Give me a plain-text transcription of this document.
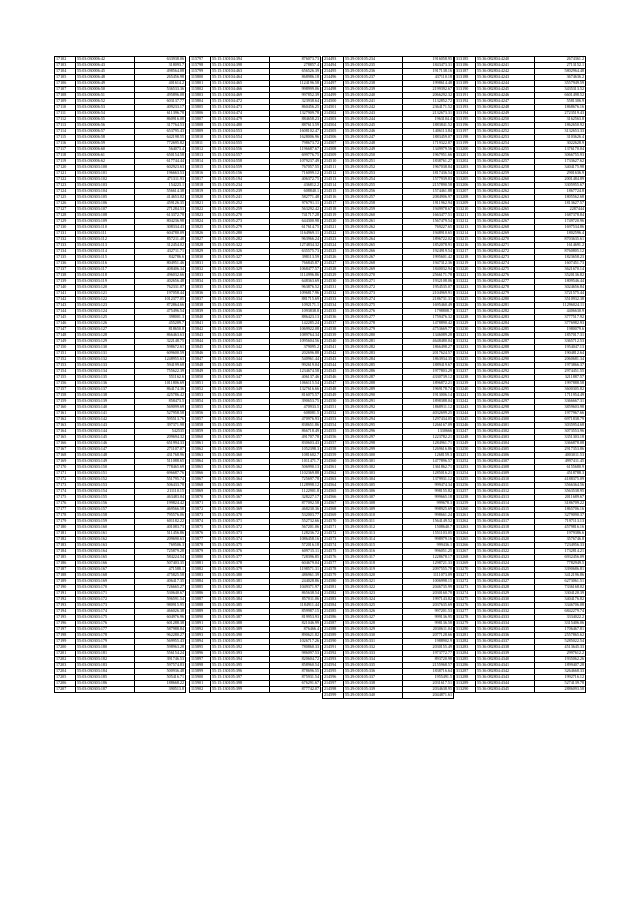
17102	55:03:030006:42	633938.06
17103	55:03:030006:43	318093.7
17104	55:03:030006:45	498564.08
17105	55:03:030006:48	265456.98
17106	55:03:030006:49	401614.2
17107	55:03:030006:50	536533.36
17108	55:03:030006:51	495896.08
17109	55:03:030006:52	603137.77
17110	55:03:030006:53	409233.17
17111	55:03:030006:54	611396.78
17112	55:03:030006:55	860916.08
17113	55:03:030006:56	317764.53
17114	55:03:030006:57	653795.43
17115	55:03:030006:58	642198.55
17116	55:03:030006:59	772695.82
17117	55:03:030006:60	564073.4
17118	55:03:030006:61	650154.58
17119	55:03:030006:62	617744.44
17120	55:03:030303:100	602923.63
17121	55:03:030303:101	196663.53
17122	55:03:030303:102	471311.93
17123	55:03:030303:103	154223.1
17124	55:03:030303:104	556614.38
17125	55:03:030303:105	414653.02
17126	55:03:030303:106	459126.35
17127	55:03:030303:107	271284.53
17128	55:03:030303:108	613372.78
17129	55:03:030303:109	804236.98
17130	55:03:030303:110	308334.43
17131	55:03:030303:111	604780.09
17132	55:03:030303:112	857211.48
17133	55:03:030303:113	312454.02
17134	55:03:030303:114	432711.71
17135	55:03:030303:115	842786.6
17136	55:03:030303:116	804951.46
17137	55:03:030303:117	408406.34
17138	55:03:030303:118	496032.66
17139	55:03:030303:119	402656.48
17140	55:03:030303:120	762331.07
17141	55:03:030303:121	197058.44
17142	55:03:030303:122	1012377.05
17143	55:03:030303:123	872864.66
17144	55:03:030303:124	475496.54
17145	55:03:030303:125	398001.3
17146	55:03:030303:126	455209.7
17147	55:03:030303:127	818650.8
17148	55:03:030303:128	866463.63
17149	55:03:030303:129	322148.75
17150	55:03:030303:130	598672.61
17151	55:03:030303:131	609600.59
17152	55:03:030303:132	1248955.63
17153	55:03:030303:133	594199.68
17154	55:03:030303:134	755622.39
17155	55:03:030303:135	551162.6
17156	55:03:030303:136	1011806.69
17157	55:03:030303:137	864174.36
17158	55:03:030303:138	425786.42
17159	55:03:030303:139	858473.5
17160	55:03:030303:140	569099.69
17161	55:03:030303:141	527958.58
17162	55:03:030303:142	595513.76
17163	55:03:030303:143	397371.98
17164	55:03:030303:144	542535
17165	55:03:030303:145	209694.32
17166	55:03:030303:146	651994.33
17167	55:03:030303:147	271107.07
17168	55:03:030303:148	431768.96
17169	55:03:030303:149	511088.65
17170	55:03:030303:150	778465.69
17171	55:03:030303:151	696687.76
17172	55:03:030303:152	551795.74
17173	55:03:030303:153	506433.78
17174	55:03:030303:154	211110.15
17175	55:03:030303:155	463483.04
17176	55:03:030303:156	199824.42
17177	55:03:030303:157	469566.58
17178	55:03:030303:158	795576.06
17179	55:03:030303:159	601182.22
17180	55:03:030303:160	401083.73
17181	55:03:030303:161	511456.86
17182	55:03:030303:162	209690.63
17183	55:03:030303:163	769506.3
17184	55:03:030303:164	725879.28
17185	55:03:030303:165	584224.54
17186	55:03:030303:166	507403.35
17187	55:03:030303:167	471588.1
17188	55:03:030303:168	475825.58
17189	55:03:030303:169	406417.35
17190	55:03:030303:170	726665.27
17191	55:03:030303:171	530640.67
17192	55:03:030303:172	596591.54
17193	55:03:030303:173	980915.95
17194	55:03:030303:174	466026.38
17195	55:03:030303:175	604976.96
17196	55:03:030303:176	601288.38
17197	55:03:030303:177	587988.84
17198	55:03:030303:178	962280.27
17199	55:03:030303:179	569955.43
17200	55:03:030303:180	598963.28
17201	55:03:030303:181	556154.24
17202	55:03:030303:182	391746.53
17203	55:03:030303:183	597574.83
17204	55:03:030303:184	500936.48
17205	55:03:030303:185	505416.71
17206	55:03:030303:186	188668.22
17207	55:03:030303:187	390513.8
115797	55:15:130104:394	876073.73
115798	55:15:130104:398	278857.4
115799	55:15:130104:463	656526.39
115800	55:15:130104:464	868986.18
115801	55:15:130104:465	1124196.58
115802	55:15:130104:466	998999.06
115803	55:15:130104:469	997852.39
115804	55:15:130104:472	323938.64
115805	55:15:130104:473	860456.25
115806	55:15:130104:474	1327909.78
115807	55:15:130104:479	884658.23
115808	55:15:130104:480	887613.59
115809	55:15:130104:553	1608102.47
115810	55:15:130104:554	1628006.96
115811	55:15:130104:555	798673.72
115812	55:15:130104:556	1196687.67
115813	55:15:130104:557	699776.75
115814	55:15:130104:558	1079237.49
115815	55:15:130104:559	767057.55
115816	55:15:130105:156	716099.12
115817	55:15:130105:194	406372.75
115818	55:15:130105:234	436812.2
115819	55:15:130105:239	608840.1
115820	55:15:130105:241	582771.48
115821	55:15:130105:252	976791.11
115822	55:15:130105:259	563292.42
115823	55:15:130105:270	741717.28
115824	55:15:130105:273	644300.98
115825	55:15:130105:279	617614.75
115826	55:15:130105:280	1164969.11
115827	55:15:130105:282	963966.24
115828	55:15:130105:322	1274834.32
115829	55:15:130105:326	635575.73
115830	55:15:130105:327	398113.59
115831	55:15:130105:328	766845.87
115832	55:15:130105:329	1068477.57
115833	55:15:130105:330	1114996.86
115834	55:15:130105:331	648363.69
115835	55:15:130105:332	963876.52
115836	55:15:130105:333	1096817.96
115837	55:15:130105:334	881715.69
115838	55:15:130105:335	1092171.1
115839	55:15:130105:336	1093838.8
115840	55:15:130105:337	886423.13
115841	55:15:130105:338	142285.24
115842	55:15:130105:339	1069922.08
115843	55:15:130105:340	1089764.34
115844	55:15:130105:341	1095604.56
115845	55:15:130105:342	379095.2
115846	55:15:130105:343	202696.88
115847	55:15:130105:344	540961.44
115848	55:15:130105:345	992619.04
115849	55:15:130105:346	1234674.58
115850	55:15:130105:347	406137.46
115851	55:15:130105:348	1066115.54
115852	55:15:130105:349	1327616.66
115853	55:15:130105:350	816075.57
115854	55:15:130105:351	390653.75
115855	55:15:130105:352	470933.5
115856	55:15:130105:353	608081.5
115857	55:15:130105:354	470976.93
115858	55:15:130105:355	838651.86
115859	55:15:130105:356	866718.49
115860	55:15:130105:357	491707.78
115861	55:15:130105:358	830603.43
115862	55:15:130105:359	1052398.3
115863	55:15:130105:360	1081602.7
115864	55:15:130105:361	1011471.7
115865	55:15:130105:362	506990.13
115866	55:15:130105:363	1102369.88
115867	55:15:130105:364	725697.78
115868	55:15:130105:365	1128998.12
115869	55:15:130105:366	1122901.8
115870	55:15:130105:367	328227.17
115871	55:15:130105:368	877092.58
115872	55:15:130105:369	468230.36
115873	55:15:130105:370	532003.77
115874	55:15:130105:371	552732.66
115875	55:15:130105:372	567201.06
115876	55:15:130105:373	128236.72
115877	55:15:130105:374	1086458.16
115878	55:15:130105:375	572016.18
115879	55:15:130105:376	609715.11
115880	55:15:130105:377	728396.85
115881	55:15:130105:378	604679.04
115882	55:15:130105:379	1198571.31
115883	55:15:130105:380	486961.39
115884	55:15:130105:381	244028.86
115885	55:15:130105:382	1049371.97
115886	55:15:130105:383	865638.54
115887	55:15:130105:384	857011.06
115888	55:15:130105:385	1184911.44
115889	55:15:130105:386	859987.15
115890	55:15:130105:387	819953.93
115891	55:15:130105:388	821046.99
115892	55:15:130105:389	876466.4
115893	55:15:130105:390	890621.82
115894	55:15:130105:391	1026717.26
115895	55:15:130105:392	780860.33
115896	55:15:130105:393	986097.53
115897	55:15:130105:394	820604.72
115898	55:15:130105:395	858960.54
115899	55:15:130105:396	878696.55
115900	55:15:130105:397	875931.54
115901	55:15:130105:398	676291.67
115902	55:15:130105:399	877742.07
214493	55:29:010105:234	1916058.95
214494	55:29:010105:235	1843473.31
214495	55:29:010105:236	1917138.16
214496	55:29:010105:237	437110.18
214497	55:29:010105:238	1998614.48
214498	55:29:010105:239	2199392.67
214499	55:29:010105:240	2066292.32
214500	55:29:010105:241	1132852.72
214501	55:29:010105:242	2364171.52
214502	55:29:010105:243	2132673.31
214503	55:29:010105:244	1963104.4
214504	55:29:010105:245	1883841.52
214505	55:29:010105:246	1406113.84
214506	55:29:010105:247	1883459.07
214507	55:29:010105:248	1719322.87
214508	55:29:010105:249	1349979.56
214509	55:29:010105:250	1967951.66
214510	55:29:010105:251	1838761.27
214511	55:29:010105:252	1967038.84
214512	55:29:010105:253	1817436.54
214513	55:29:010105:254	1577939.83
214514	55:29:010105:255	2157890.58
214515	55:29:010105:256	1574461.88
214516	55:29:010105:257	2084906.97
214517	55:29:010105:258	1911962.94
214518	55:29:010105:259	1949978.67
214519	55:29:010105:260	1663477.51
214520	55:29:010105:261	1567479.54
214521	55:29:010105:262	769227.65
214522	55:29:010105:263	1948910.65
214523	55:29:010105:264	1896722.02
214524	55:29:010105:265	1852078.91
214525	55:29:010105:266	1924919.54
214526	55:29:010105:267	1995601.42
214527	55:29:010105:268	1947312.36
214528	55:29:010105:269	1840032.94
214529	55:29:010105:270	2566171.78
214530	55:29:010105:271	1932108.06
214531	55:29:010105:272	1954535.07
214532	55:29:010105:273	2104969.91
214533	55:29:010105:274	2186731.31
214534	55:29:010105:275	1695460.49
214535	55:29:010105:276	1798808.7
214536	55:29:010105:277	1759476.32
214537	55:29:010105:278	1478890.42
214538	55:29:010105:279	4753669.77
214539	55:29:010105:280	1346089.28
214540	55:29:010105:281	4648480.04
214541	55:29:010105:282	1866498.27
214542	55:29:010105:283	2017624.57
214543	55:29:010105:284	1863934.35
214544	55:29:010105:285	1889419.67
214545	55:29:010105:286	1977803.29
214546	55:29:010105:287	4330739.12
214547	55:29:010105:288	1896872.21
214548	55:29:010105:289	1969178.74
214549	55:29:010105:290	1913006.14
214550	55:29:010105:291	1898388.04
214551	55:29:010105:292	1868911.12
214552	55:29:010105:293	4032699.25
214553	55:29:010105:294	1297434.05
214554	55:29:010105:295	1266167.09
214555	55:29:010105:296	1330666
214556	55:29:010105:297	1223782.21
214557	55:29:010105:298	1284961.71
214558	55:29:010105:299	1269616.86
214559	55:29:010105:300	1268159.3
214560	55:29:010105:301	1477896.57
214561	55:29:010105:302	1361862.71
214562	55:29:010105:303	1285016.21
214563	55:29:010105:304	1379931.12
214564	55:29:010105:305	999474.34
214565	55:29:010105:306	998155.82
214566	55:29:010105:307	999665.18
214567	55:29:010105:308	999678.3
214568	55:29:010105:309	998925.69
214569	55:29:010105:310	998661.24
214570	55:29:010105:311	1564149.52
214571	55:29:010105:312	1508640.7
214572	55:29:010105:313	1551103.05
214573	55:29:010105:314	998979.16
214574	55:29:010105:315	999436.1
214575	55:29:010105:316	996051.25
214576	55:29:010105:317	1228678.17
214577	55:29:010105:318	1298721.33
214578	55:29:010105:319	2097555.78
214579	55:29:010105:320	1111073.09
214580	55:29:010105:321	1006998.15
214581	55:29:010105:322	2046735.99
214582	55:29:010105:323	2030160.78
214583	55:29:010105:324	1997143.82
214584	55:29:010105:325	2037635.69
214585	55:29:010105:326	997201.53
214586	55:29:010105:327	999136.95
214587	55:29:010105:328	998136.58
214588	55:29:010105:329	2030611.04
214589	55:29:010105:330	2077128.66
214590	55:29:010105:331	1988902.9
214591	55:29:010105:332	2030155.49
214592	55:29:010105:333	1973772.77
214593	55:29:010105:334	893720.98
214594	55:29:010105:335	2155968.57
214595	55:29:010105:336	1838716.64
214596	55:29:010105:337	1955491.5
214597	55:29:010105:338	2031617.51
214598	55:29:010105:339	2034638.95
214599	55:29:010105:340	2044871.61
313185	55:36:082804:4240	2674361.2
313186	55:36:082804:4241	2713152.1
313187	55:36:082804:4242	5802964.48
313188	55:36:082804:4243	3674636.2
313189	55:36:082804:4244	3557949.59
313190	55:36:082804:4245	3435313.52
313191	55:36:082804:4246	6601498.52
313192	55:36:082804:4247	5581306.9
313193	55:36:082804:4248	1868676.16
313194	55:36:082804:4249	2723519.43
313195	55:36:082804:4250	3162563.8
313196	55:36:082804:4251	1862650.92
313197	55:36:082804:4252	3132653.33
313198	55:36:082804:4253	3103626.4
313199	55:36:082804:4254	3022628.9
313200	55:36:082804:4255	1376170.04
313201	55:36:082804:4256	3066755.93
313202	55:36:082804:4257	1733627.62
313203	55:36:082804:4258	3404175.98
313204	55:36:082804:4259	2901636.9
313205	55:36:082804:4260	2001484.89
313206	55:36:082804:4261	3305955.67
313207	55:36:082804:4262	1867724.8
313208	55:36:082804:4263	1805562.68
313209	55:36:082804:4264	1813627.57
313210	55:36:082804:4265	2287444
313211	55:36:082804:4266	1687378.84
313212	55:36:082804:4267	1749720.96
313213	55:36:082804:4268	1697534.86
313214	55:36:082804:4269	1802596.4
313215	55:36:082804:4270	8703635.61
313216	55:36:082804:4271	1614691.2
313217	55:36:082804:4272	8760805.12
313218	55:36:082804:4273	1823658.23
313219	55:36:082804:4274	1607451.73
313220	55:36:082804:4275	3621670.14
313221	55:36:082804:4276	3520136.82
313222	55:36:082804:4277	1809546.44
313223	55:36:082804:4278	3024656.84
313224	55:36:082804:4279	3721575.44
313225	55:36:082804:4280	3510932.38
313226	55:36:082804:4281	11296024.11
313227	55:36:082804:4282	4406630.9
313228	55:36:082804:4283	3777517.92
313229	55:36:082804:4284	3776982.93
313230	55:36:082804:4285	1980079.6
313231	55:36:082804:4286	1857017.31
313232	55:36:082804:4287	3365712.53
313233	55:36:082804:4288	1954047.13
313234	55:36:082804:4289	1904812.64
313235	55:36:082804:4290	2060681.34
313236	55:36:082804:4291	1973866.37
313237	55:36:082804:4292	2974451.55
313238	55:36:082804:4293	3211887.57
313239	55:36:082804:4294	1997888.58
313240	55:36:082804:4295	3600305.82
313241	55:36:082804:4296	1711954.49
313242	55:36:082804:4297	3366667.31
313243	55:36:082804:4298	3859603.98
313244	55:36:082804:4299	1977967.66
313245	55:36:082804:4300	6971838.79
313246	55:36:082804:4301	3035954.68
313247	55:36:082804:4302	3073553.96
313248	55:36:082804:4303	3351303.18
313249	55:36:082804:4304	3366878.08
313250	55:36:082804:4305	2917353.86
313251	55:36:082804:4306	4003011.53
313252	55:36:082804:4307	4997411.45
313253	55:36:082804:4308	6155680.9
313254	55:36:082804:4309	4518788.3
313255	55:36:082804:4310	4188375.09
313256	55:36:082804:4311	3566364.56
313257	55:36:082804:4312	3563538.95
313258	55:36:082804:4313	2011689.67
313259	55:36:082804:4314	3186709.22
313260	55:36:082804:4315	1865706.16
313261	55:36:082804:4316	3279090.37
313262	55:36:082804:4317	7197113.13
313263	55:36:082804:4318	4579816.16
313264	55:36:082804:4319	1979386.6
313265	55:36:082804:4320	3576746.8
313266	55:36:082804:4321	7234956.33
313267	55:36:082804:4322	1732814.21
313268	55:36:082804:4323	6932456.09
313269	55:36:082804:4324	7782949.5
313270	55:36:082804:4325	3390686.81
313271	55:36:082804:4326	3412196.86
313272	55:36:082804:4327	6273061.51
313273	55:36:082804:4328	7336168.02
313274	55:36:082804:4329	3304120.39
313275	55:36:082804:4330	3404176.82
313276	55:36:082804:4331	3346706.08
313277	55:36:082804:4332	6842279.74
313278	55:36:082804:4333	3334022.2
313279	55:36:082804:4334	3315406.06
313280	55:36:082804:4335	1706467.81
313281	55:36:082804:4336	2557865.62
313282	55:36:082804:4337	5285022.54
313283	55:36:082804:4338	4513645.33
313284	55:36:082804:4339	2997612.2
313285	55:36:082804:4340	1935062.26
313286	55:36:082804:4341	1899407.28
313287	55:36:082804:4342	3264668.33
313288	55:36:082804:4343	1992716.12
313289	55:36:082804:4344	5274139.78
313290	55:36:082804:4345	2886093.58
